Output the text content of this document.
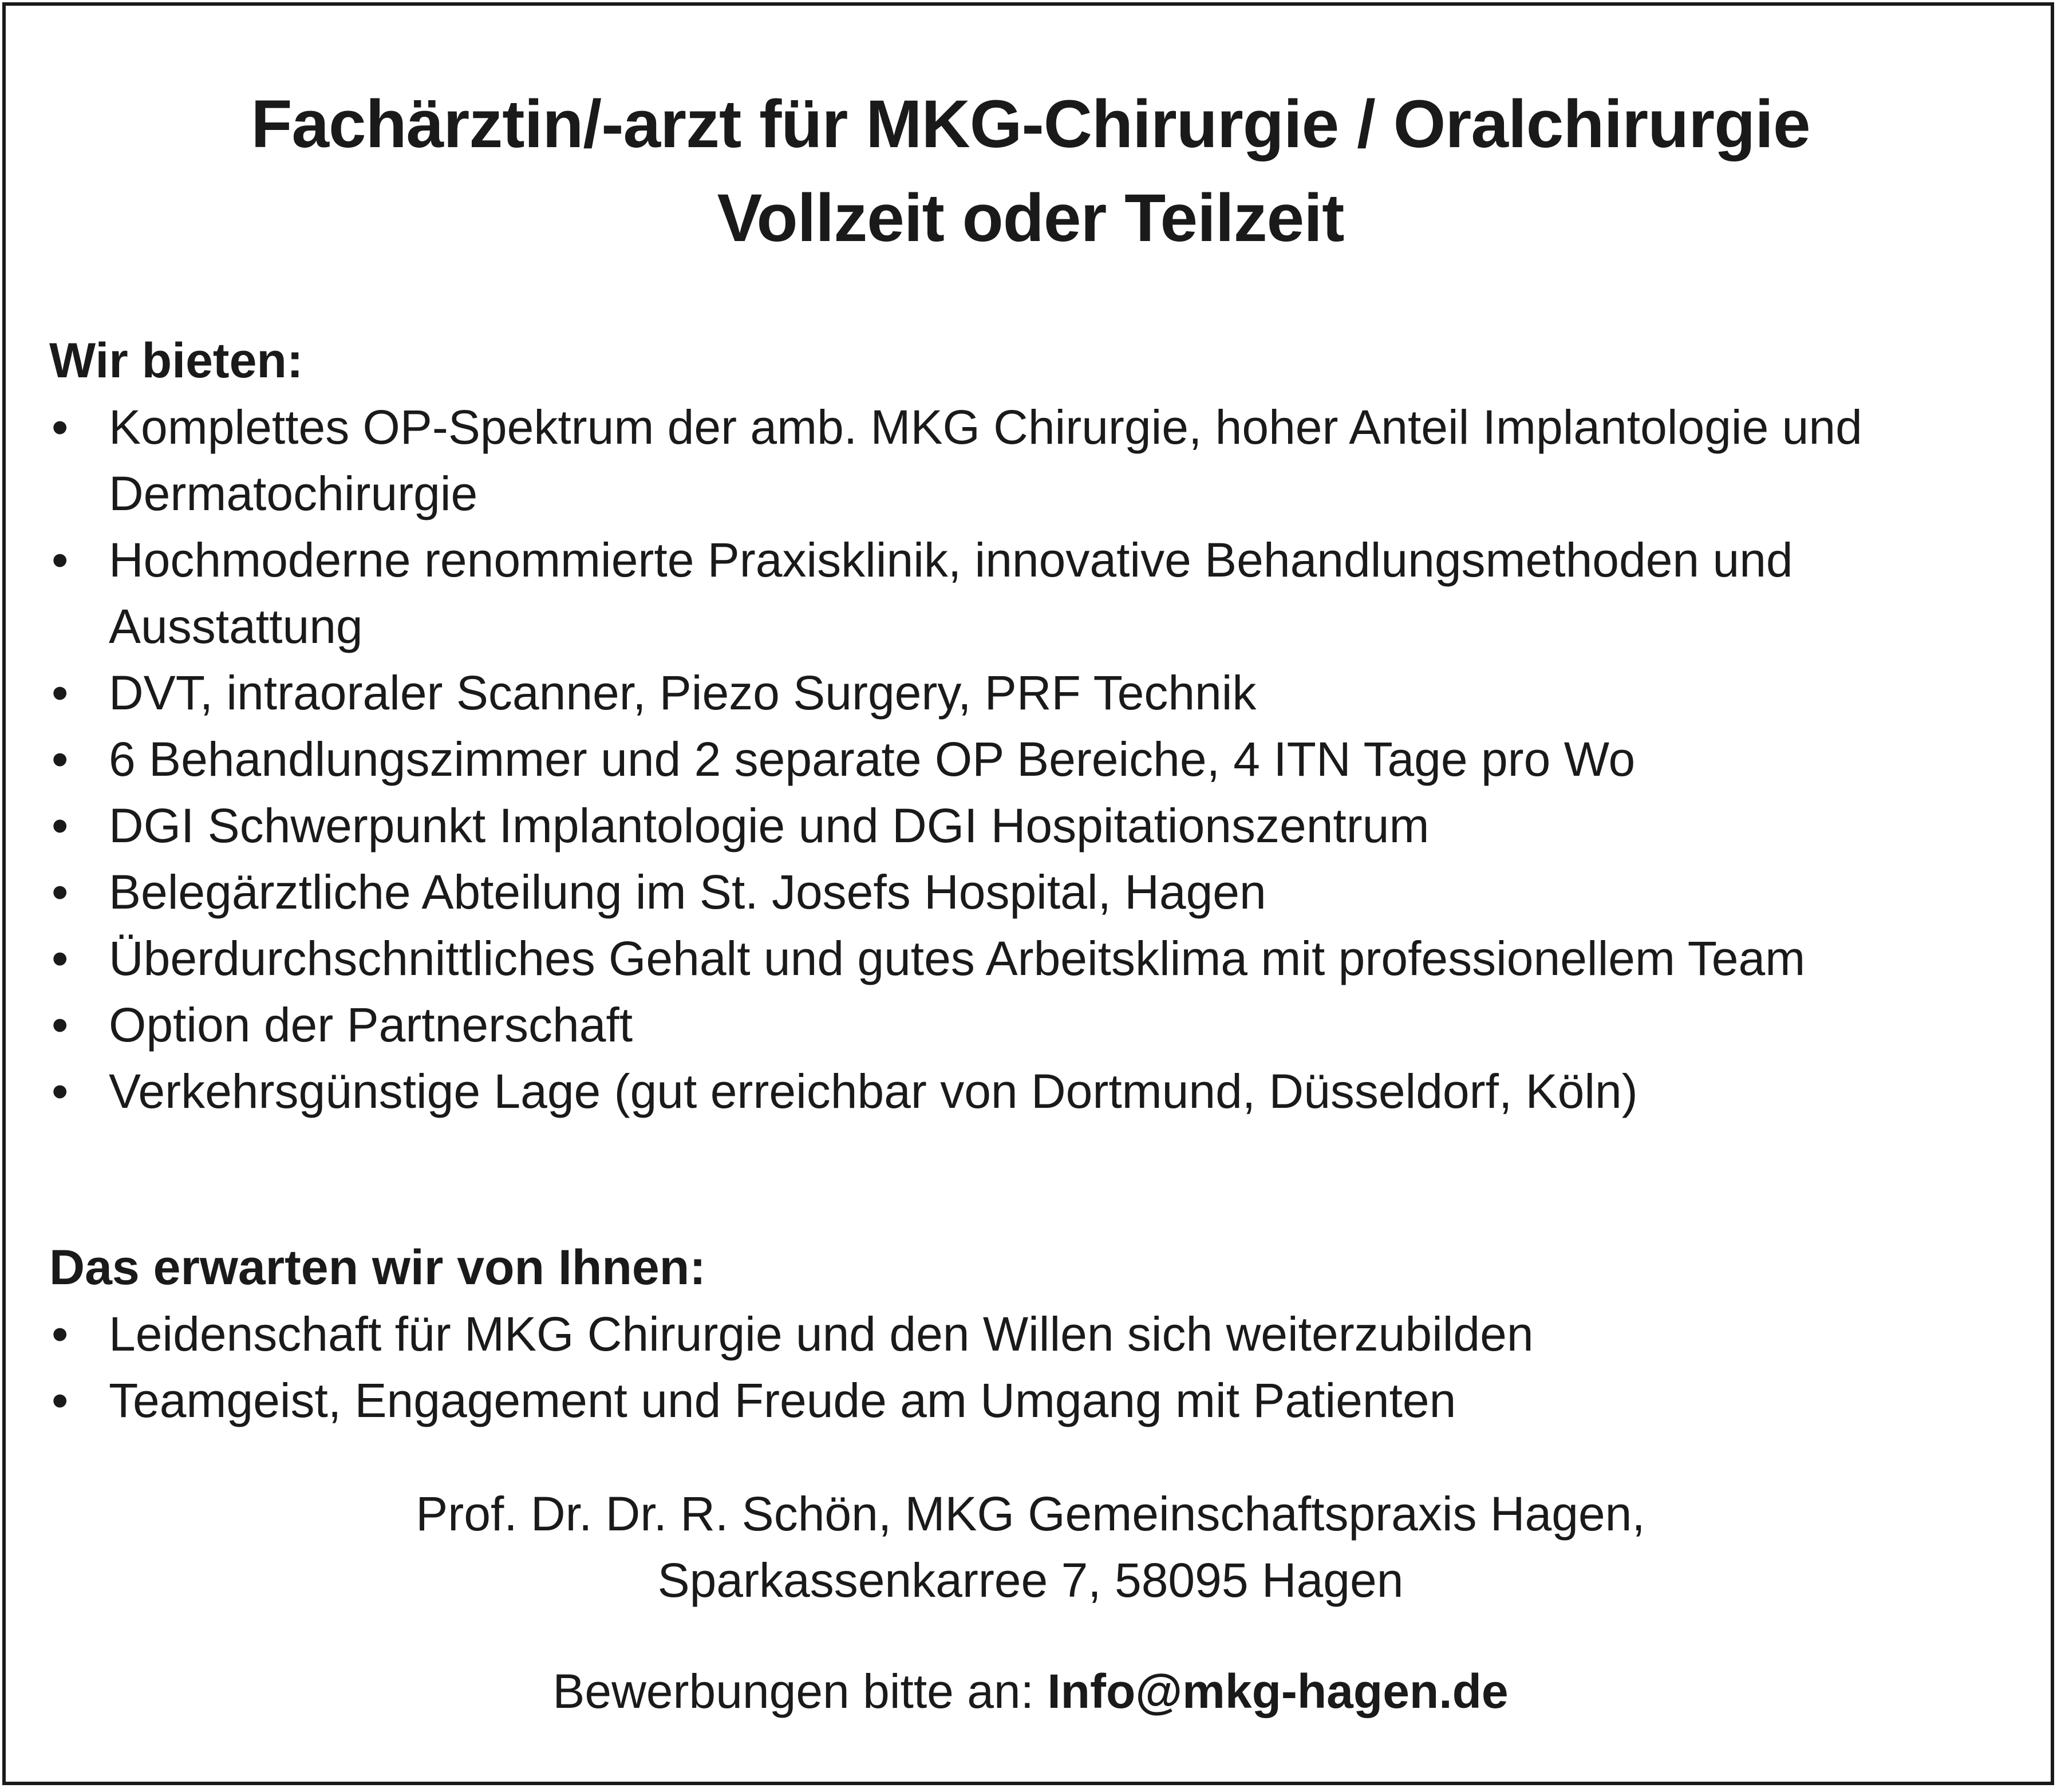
Fachärztin/-arzt für MKG-Chirurgie / Oralchirurgie
Vollzeit oder Teilzeit
Wir bieten:
• Komplettes OP-Spektrum der amb. MKG Chirurgie, hoher Anteil Implantologie und Dermatochirurgie
• Hochmoderne renommierte Praxisklinik, innovative Behandlungsmethoden und Ausstattung
• DVT, intraoraler Scanner, Piezo Surgery, PRF Technik
• 6 Behandlungszimmer und 2 separate OP Bereiche, 4 ITN Tage pro Wo
• DGI Schwerpunkt Implantologie und DGI Hospitationszentrum
• Belegärztliche Abteilung im St. Josefs Hospital, Hagen
• Überdurchschnittliches Gehalt und gutes Arbeitsklima mit professionellem Team
• Option der Partnerschaft
• Verkehrsgünstige Lage (gut erreichbar von Dortmund, Düsseldorf, Köln)
Das erwarten wir von Ihnen:
• Leidenschaft für MKG Chirurgie und den Willen sich weiterzubilden
• Teamgeist, Engagement und Freude am Umgang mit Patienten
Prof. Dr. Dr. R. Schön, MKG Gemeinschaftspraxis Hagen,
Sparkassenkarree 7, 58095 Hagen
Bewerbungen bitte an: Info@mkg-hagen.de
